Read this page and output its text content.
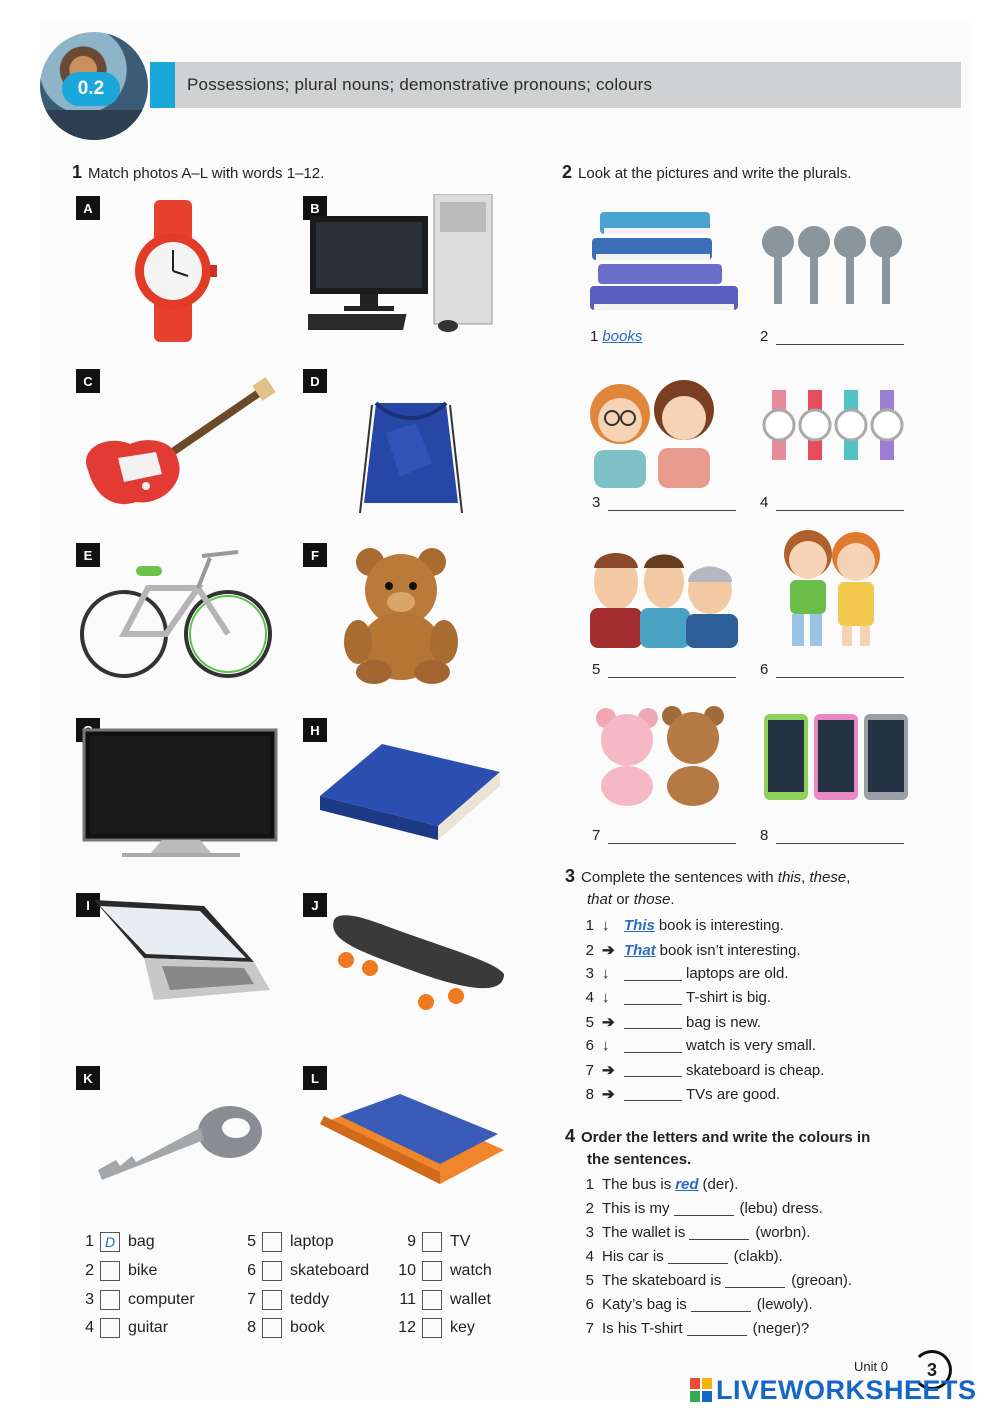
Possessions; plural nouns; demonstrative pronouns; colours
0.2
1 Match photos A–L with words 1–12.
A	B
C	D
E	F
H
I	J
K	L
1 D bag
2 bike
3 computer
4 guitar
5 laptop
6 skateboard
7 teddy
8 book
9 TV
10 watch
11 wallet
12 key
2 Look at the pictures and write the plurals.
1 books	2
3	4
5	6
7	8
3 Complete the sentences with this, these,
that or those.
1 ↓ This book is interesting.
2 ➔ That book isn’t interesting.
3 ↓	laptops are old.
4 ↓	T-shirt is big.
5 ➔	bag is new.
6 ↓	watch is very small.
7 ➔	skateboard is cheap.
8 ➔	TVs are good.
4 Order the letters and write the colours in
the sentences.
1 The bus is red (der).
2 This is my	(lebu) dress.
3 The wallet is	(worbn).
4 His car is	(clakb).
5 The skateboard is	(greoan).
6 Katy’s bag is	(lewoly).
7 Is his T-shirt	(neger)?
Unit 0	3
LIVEWORKSHEETS
